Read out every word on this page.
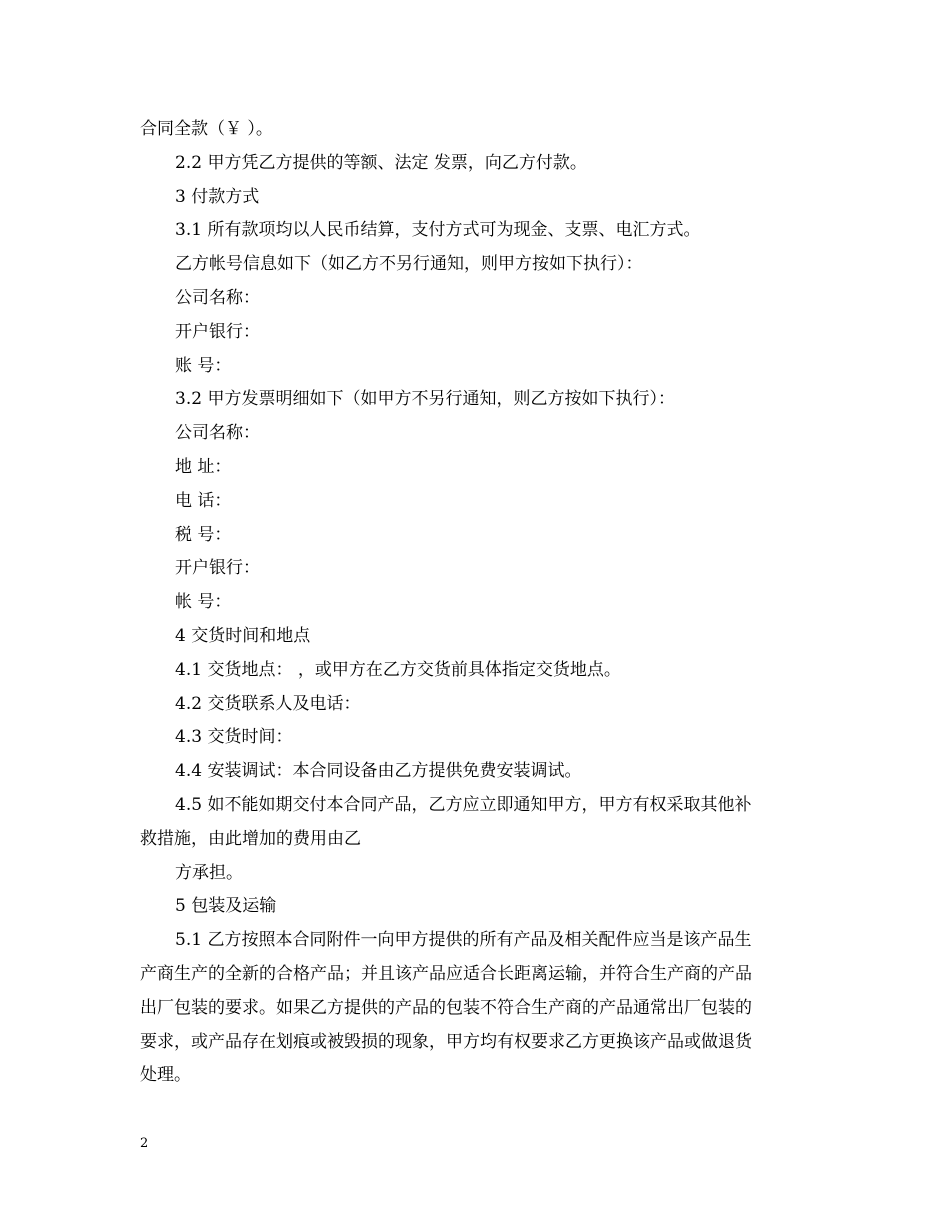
合同全款（￥ ）。
2.2 甲方凭乙方提供的等额、法定 发票，向乙方付款。
3 付款方式
3.1 所有款项均以人民币结算，支付方式可为现金、支票、电汇方式。
乙方帐号信息如下（如乙方不另行通知，则甲方按如下执行）：
公司名称：
开户银行：
账 号：
3.2 甲方发票明细如下（如甲方不另行通知，则乙方按如下执行）：
公司名称：
地 址：
电 话：
税 号：
开户银行：
帐 号：
4 交货时间和地点
4.1 交货地点： ，或甲方在乙方交货前具体指定交货地点。
4.2 交货联系人及电话：
4.3 交货时间：
4.4 安装调试：本合同设备由乙方提供免费安装调试。
4.5 如不能如期交付本合同产品，乙方应立即通知甲方，甲方有权采取其他补
救措施，由此增加的费用由乙
方承担。
5 包装及运输
5.1 乙方按照本合同附件一向甲方提供的所有产品及相关配件应当是该产品生
产商生产的全新的合格产品；并且该产品应适合长距离运输，并符合生产商的产品
出厂包装的要求。如果乙方提供的产品的包装不符合生产商的产品通常出厂包装的
要求，或产品存在划痕或被毁损的现象，甲方均有权要求乙方更换该产品或做退货
处理。
2
